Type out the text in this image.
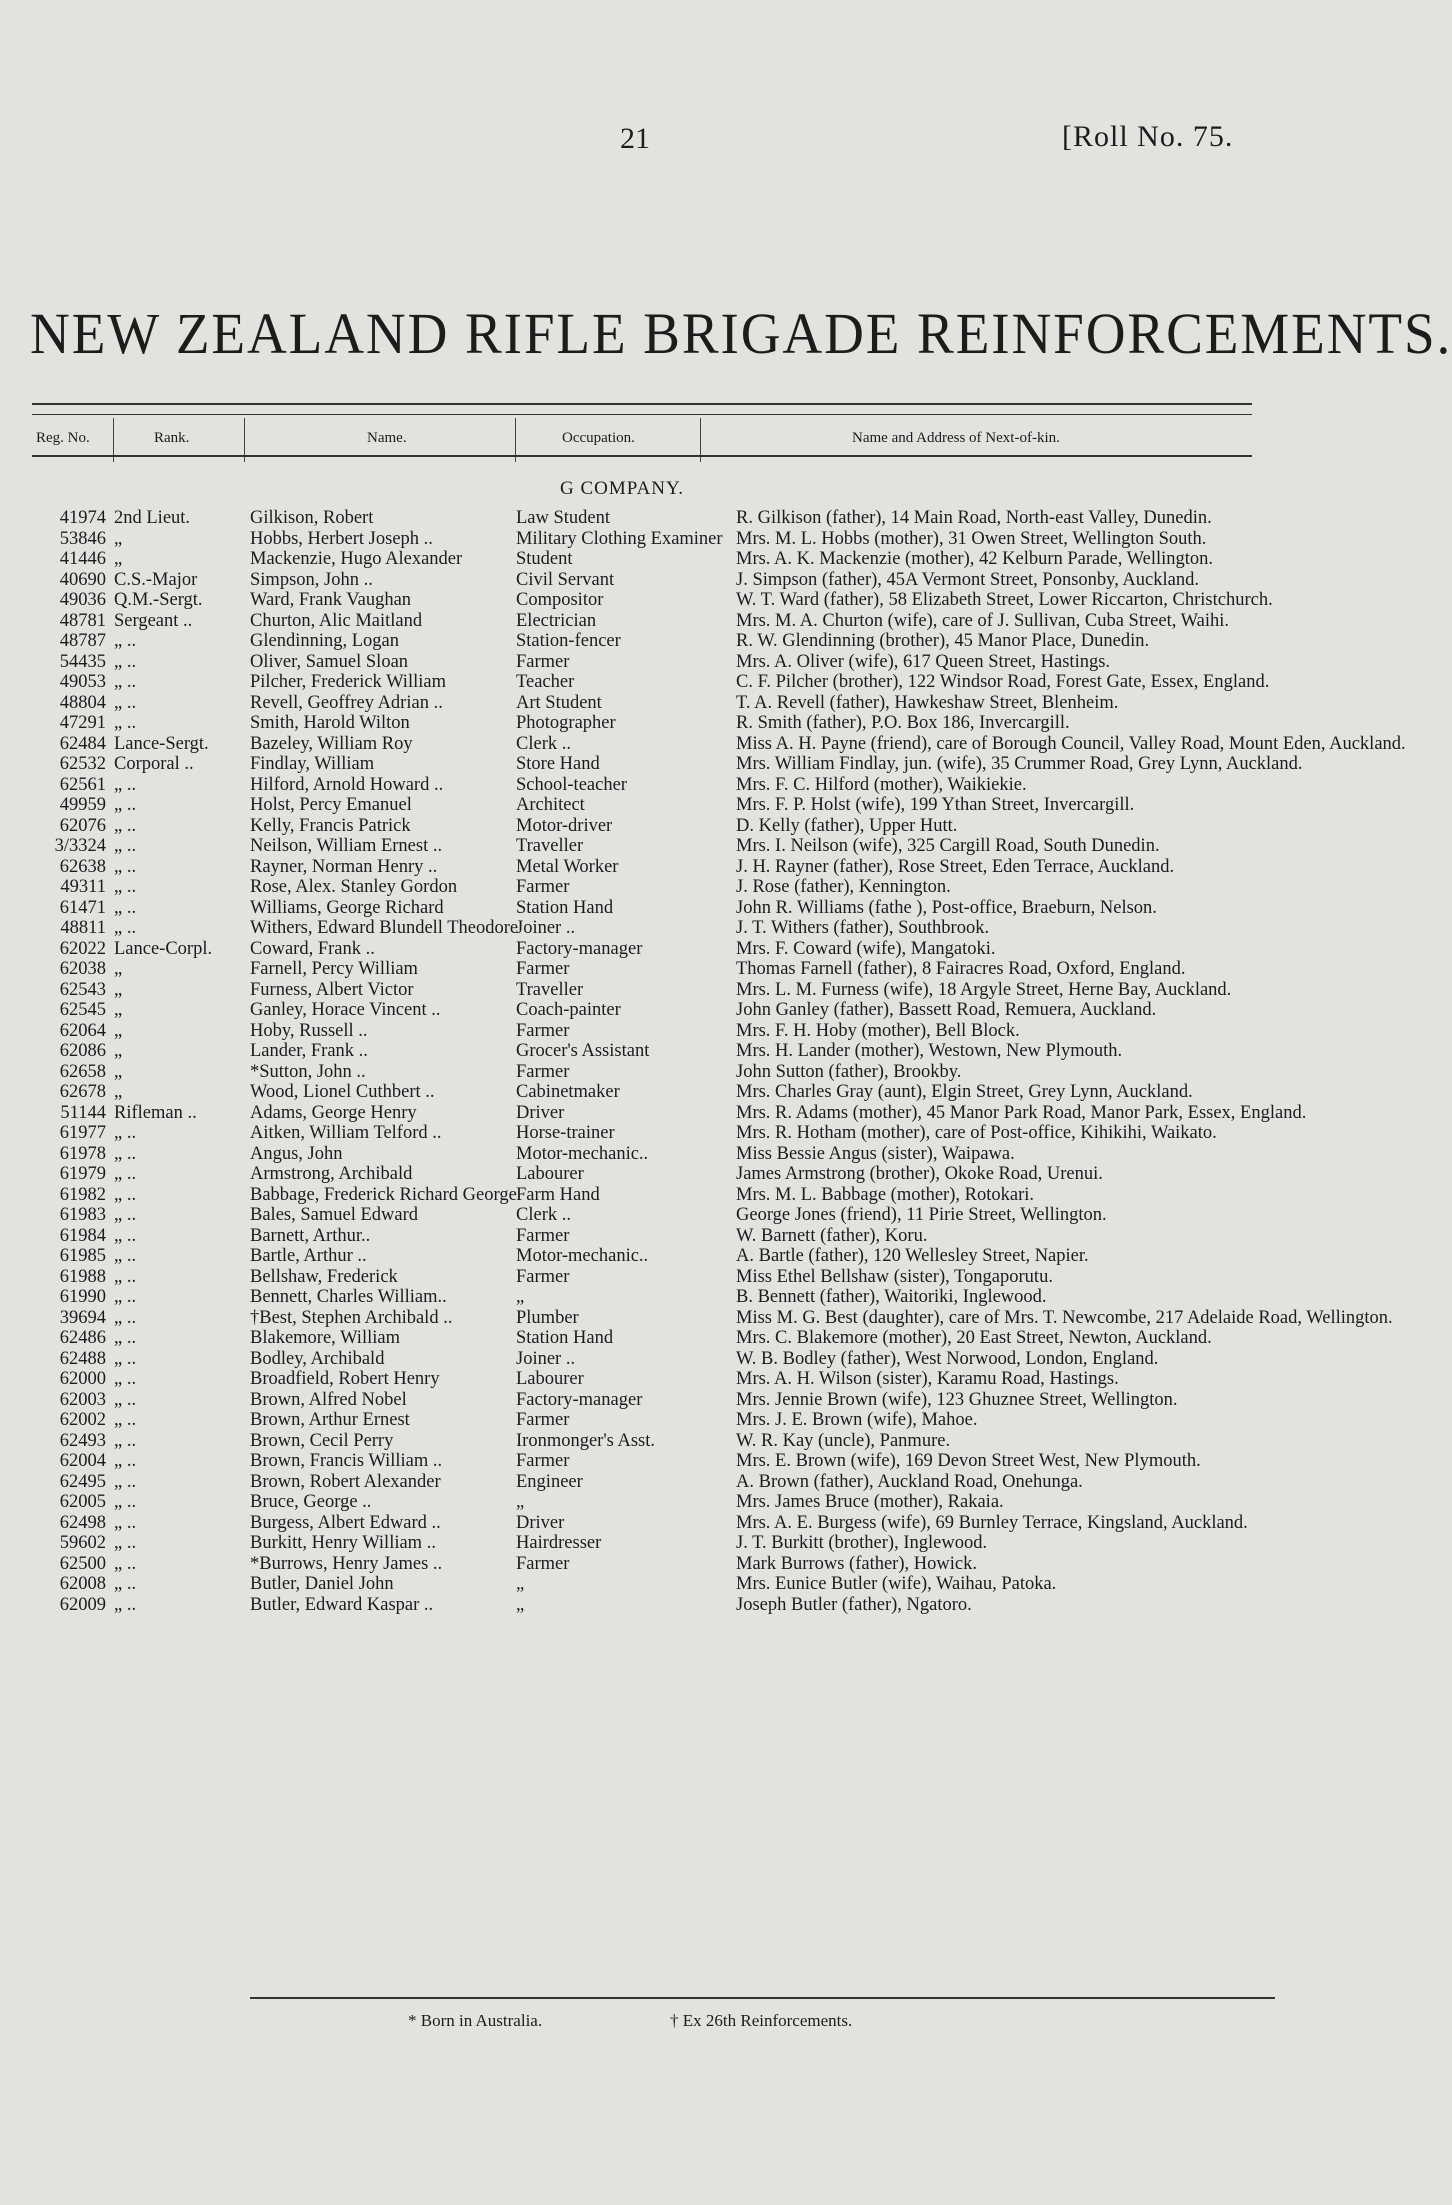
21	[Roll No. 75.
NEW ZEALAND RIFLE BRIGADE REINFORCEMENTS.
Reg. No.	Rank.	Name.	Occupation.	Name and Address of Next-of-kin.
G COMPANY.
41974	2nd Lieut.	Gilkison, Robert	Law Student	R. Gilkison (father), 14 Main Road, North-east Valley, Dunedin.
53846	„	Hobbs, Herbert Joseph ..	Military Clothing Examiner	Mrs. M. L. Hobbs (mother), 31 Owen Street, Wellington South.
41446	„	Mackenzie, Hugo Alexander	Student	Mrs. A. K. Mackenzie (mother), 42 Kelburn Parade, Wellington.
40690	C.S.-Major	Simpson, John ..	Civil Servant	J. Simpson (father), 45A Vermont Street, Ponsonby, Auckland.
49036	Q.M.-Sergt.	Ward, Frank Vaughan	Compositor	W. T. Ward (father), 58 Elizabeth Street, Lower Riccarton, Christchurch.
48781	Sergeant ..	Churton, Alic Maitland	Electrician	Mrs. M. A. Churton (wife), care of J. Sullivan, Cuba Street, Waihi.
48787	„ ..	Glendinning, Logan	Station-fencer	R. W. Glendinning (brother), 45 Manor Place, Dunedin.
54435	„ ..	Oliver, Samuel Sloan	Farmer	Mrs. A. Oliver (wife), 617 Queen Street, Hastings.
49053	„ ..	Pilcher, Frederick William	Teacher	C. F. Pilcher (brother), 122 Windsor Road, Forest Gate, Essex, England.
48804	„ ..	Revell, Geoffrey Adrian ..	Art Student	T. A. Revell (father), Hawkeshaw Street, Blenheim.
47291	„ ..	Smith, Harold Wilton	Photographer	R. Smith (father), P.O. Box 186, Invercargill.
62484	Lance-Sergt.	Bazeley, William Roy	Clerk ..	Miss A. H. Payne (friend), care of Borough Council, Valley Road, Mount Eden, Auckland.
62532	Corporal ..	Findlay, William	Store Hand	Mrs. William Findlay, jun. (wife), 35 Crummer Road, Grey Lynn, Auckland.
62561	„ ..	Hilford, Arnold Howard ..	School-teacher	Mrs. F. C. Hilford (mother), Waikiekie.
49959	„ ..	Holst, Percy Emanuel	Architect	Mrs. F. P. Holst (wife), 199 Ythan Street, Invercargill.
62076	„ ..	Kelly, Francis Patrick	Motor-driver	D. Kelly (father), Upper Hutt.
3/3324	„ ..	Neilson, William Ernest ..	Traveller	Mrs. I. Neilson (wife), 325 Cargill Road, South Dunedin.
62638	„ ..	Rayner, Norman Henry ..	Metal Worker	J. H. Rayner (father), Rose Street, Eden Terrace, Auckland.
49311	„ ..	Rose, Alex. Stanley Gordon	Farmer	J. Rose (father), Kennington.
61471	„ ..	Williams, George Richard	Station Hand	John R. Williams (fathe ), Post-office, Braeburn, Nelson.
48811	„ ..	Withers, Edward Blundell Theodore	Joiner ..	J. T. Withers (father), Southbrook.
62022	Lance-Corpl.	Coward, Frank ..	Factory-manager	Mrs. F. Coward (wife), Mangatoki.
62038	„	Farnell, Percy William	Farmer	Thomas Farnell (father), 8 Fairacres Road, Oxford, England.
62543	„	Furness, Albert Victor	Traveller	Mrs. L. M. Furness (wife), 18 Argyle Street, Herne Bay, Auckland.
62545	„	Ganley, Horace Vincent ..	Coach-painter	John Ganley (father), Bassett Road, Remuera, Auckland.
62064	„	Hoby, Russell ..	Farmer	Mrs. F. H. Hoby (mother), Bell Block.
62086	„	Lander, Frank ..	Grocer's Assistant	Mrs. H. Lander (mother), Westown, New Plymouth.
62658	„	*Sutton, John ..	Farmer	John Sutton (father), Brookby.
62678	„	Wood, Lionel Cuthbert ..	Cabinetmaker	Mrs. Charles Gray (aunt), Elgin Street, Grey Lynn, Auckland.
51144	Rifleman ..	Adams, George Henry	Driver	Mrs. R. Adams (mother), 45 Manor Park Road, Manor Park, Essex, England.
61977	„ ..	Aitken, William Telford ..	Horse-trainer	Mrs. R. Hotham (mother), care of Post-office, Kihikihi, Waikato.
61978	„ ..	Angus, John	Motor-mechanic..	Miss Bessie Angus (sister), Waipawa.
61979	„ ..	Armstrong, Archibald	Labourer	James Armstrong (brother), Okoke Road, Urenui.
61982	„ ..	Babbage, Frederick Richard George	Farm Hand	Mrs. M. L. Babbage (mother), Rotokari.
61983	„ ..	Bales, Samuel Edward	Clerk ..	George Jones (friend), 11 Pirie Street, Wellington.
61984	„ ..	Barnett, Arthur..	Farmer	W. Barnett (father), Koru.
61985	„ ..	Bartle, Arthur ..	Motor-mechanic..	A. Bartle (father), 120 Wellesley Street, Napier.
61988	„ ..	Bellshaw, Frederick	Farmer	Miss Ethel Bellshaw (sister), Tongaporutu.
61990	„ ..	Bennett, Charles William..	„	B. Bennett (father), Waitoriki, Inglewood.
39694	„ ..	†Best, Stephen Archibald ..	Plumber	Miss M. G. Best (daughter), care of Mrs. T. Newcombe, 217 Adelaide Road, Wellington.
62486	„ ..	Blakemore, William	Station Hand	Mrs. C. Blakemore (mother), 20 East Street, Newton, Auckland.
62488	„ ..	Bodley, Archibald	Joiner ..	W. B. Bodley (father), West Norwood, London, England.
62000	„ ..	Broadfield, Robert Henry	Labourer	Mrs. A. H. Wilson (sister), Karamu Road, Hastings.
62003	„ ..	Brown, Alfred Nobel	Factory-manager	Mrs. Jennie Brown (wife), 123 Ghuznee Street, Wellington.
62002	„ ..	Brown, Arthur Ernest	Farmer	Mrs. J. E. Brown (wife), Mahoe.
62493	„ ..	Brown, Cecil Perry	Ironmonger's Asst.	W. R. Kay (uncle), Panmure.
62004	„ ..	Brown, Francis William ..	Farmer	Mrs. E. Brown (wife), 169 Devon Street West, New Plymouth.
62495	„ ..	Brown, Robert Alexander	Engineer	A. Brown (father), Auckland Road, Onehunga.
62005	„ ..	Bruce, George ..	„	Mrs. James Bruce (mother), Rakaia.
62498	„ ..	Burgess, Albert Edward ..	Driver	Mrs. A. E. Burgess (wife), 69 Burnley Terrace, Kingsland, Auckland.
59602	„ ..	Burkitt, Henry William ..	Hairdresser	J. T. Burkitt (brother), Inglewood.
62500	„ ..	*Burrows, Henry James ..	Farmer	Mark Burrows (father), Howick.
62008	„ ..	Butler, Daniel John	„	Mrs. Eunice Butler (wife), Waihau, Patoka.
62009	„ ..	Butler, Edward Kaspar ..	„	Joseph Butler (father), Ngatoro.
* Born in Australia.	† Ex 26th Reinforcements.
